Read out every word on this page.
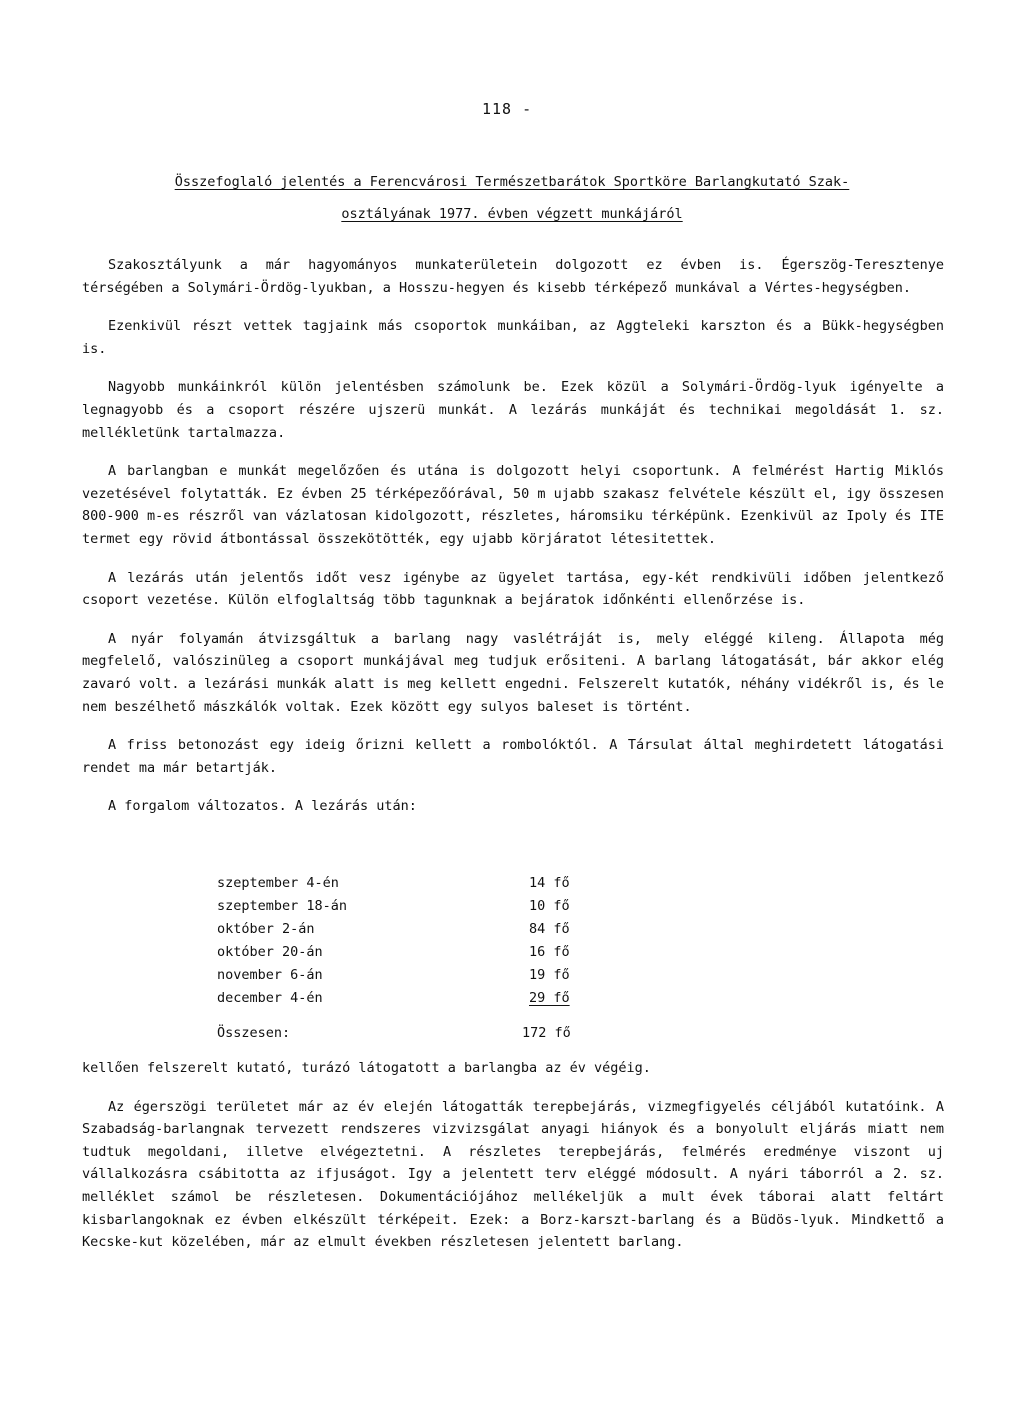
118 -
Összefoglaló jelentés a Ferencvárosi Természetbarátok Sportköre Barlangkutató Szak-
osztályának 1977. évben végzett munkájáról

Szakosztályunk a már hagyományos munkaterületein dolgozott ez évben is. Égerszög-Teresztenye térségében a Solymári-Ördög-lyukban, a Hosszu-hegyen és kisebb térképező munkával a Vértes-hegységben.

Ezenkivül részt vettek tagjaink más csoportok munkáiban, az Aggteleki karszton és a Bükk-hegységben is.

Nagyobb munkáinkról külön jelentésben számolunk be. Ezek közül a Solymári-Ördög-lyuk igényelte a legnagyobb és a csoport részére ujszerü munkát. A lezárás munkáját és technikai megoldását 1. sz. mellékletünk tartalmazza.

A barlangban e munkát megelőzően és utána is dolgozott helyi csoportunk. A felmérést Hartig Miklós vezetésével folytatták. Ez évben 25 térképezőórával, 50 m ujabb szakasz felvétele készült el, igy összesen 800-900 m-es részről van vázlatosan kidolgozott, részletes, háromsiku térképünk. Ezenkivül az Ipoly és ITE termet egy rövid átbontással összekötötték, egy ujabb körjáratot létesitettek.

A lezárás után jelentős időt vesz igénybe az ügyelet tartása, egy-két rendkivüli időben jelentkező csoport vezetése. Külön elfoglaltság több tagunknak a bejáratok időnkénti ellenőrzése is.

A nyár folyamán átvizsgáltuk a barlang nagy vaslétráját is, mely eléggé kileng. Állapota még megfelelő, valószinüleg a csoport munkájával meg tudjuk erősiteni. A barlang látogatását, bár akkor elég zavaró volt. a lezárási munkák alatt is meg kellett engedni. Felszerelt kutatók, néhány vidékről is, és le nem beszélhető mászkálók voltak. Ezek között egy sulyos baleset is történt.

A friss betonozást egy ideig őrizni kellett a rombolóktól. A Társulat által meghirdetett látogatási rendet ma már betartják.

A forgalom változatos. A lezárás után:

szeptember 4-én	14 fő
szeptember 18-án	10 fő
október 2-án	84 fő
október 20-án	16 fő
november 6-án	19 fő
december 4-én	29 fő
Összesen:	172 fő

kellően felszerelt kutató, turázó látogatott a barlangba az év végéig.

Az égerszögi területet már az év elején látogatták terepbejárás, vizmegfigyelés céljából kutatóink. A Szabadság-barlangnak tervezett rendszeres vizvizsgálat anyagi hiányok és a bonyolult eljárás miatt nem tudtuk megoldani, illetve elvégeztetni. A részletes terepbejárás, felmérés eredménye viszont uj vállalkozásra csábitotta az ifjuságot. Igy a jelentett terv eléggé módosult. A nyári táborról a 2. sz. melléklet számol be részletesen. Dokumentációjához mellékeljük a mult évek táborai alatt feltárt kisbarlangoknak ez évben elkészült térképeit. Ezek: a Borz-karszt-barlang és a Büdös-lyuk. Mindkettő a Kecske-kut közelében, már az elmult években részletesen jelentett barlang.
